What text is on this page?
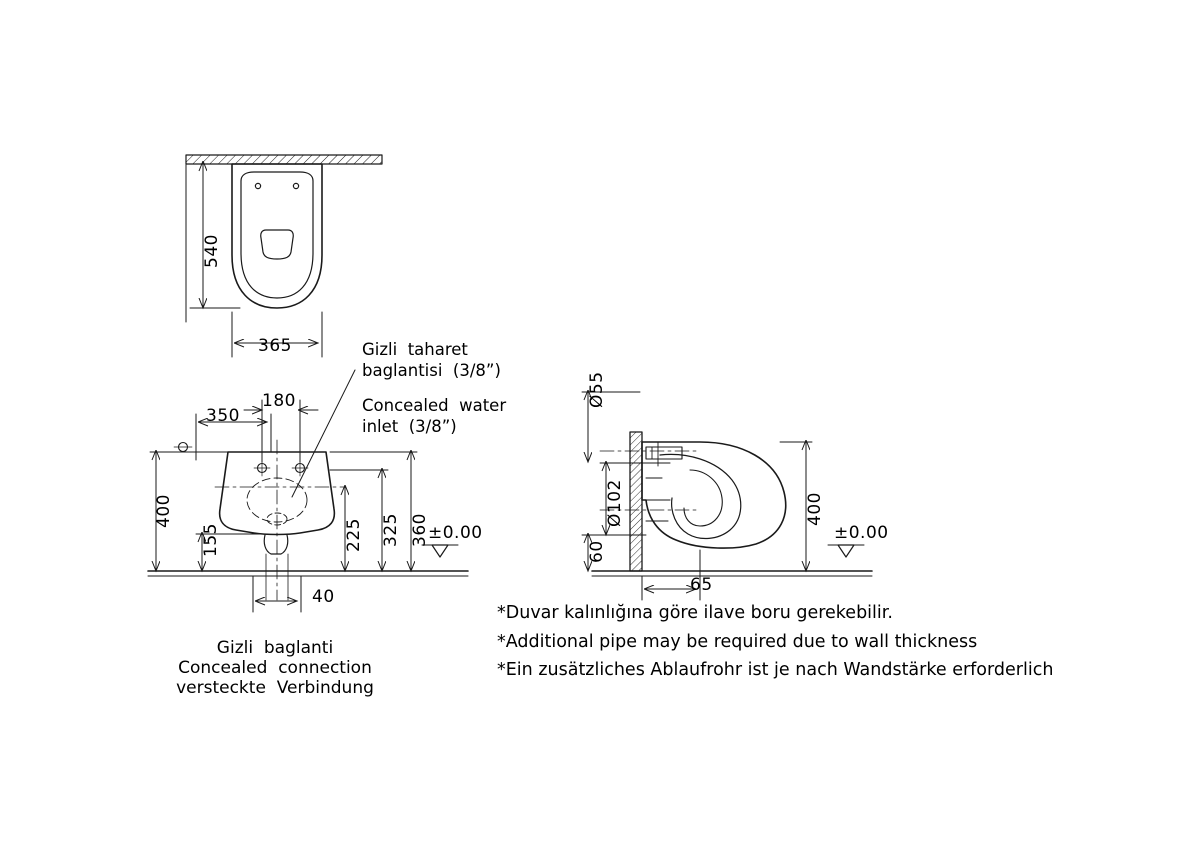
540
365
350
180
400
155	225 325 360
40
±0.00
Gizli  taharet
baglantisi  (3/8”)
Concealed  water
inlet  (3/8”)
Gizli  baglanti
Concealed  connection
versteckte  Verbindung
Ø55
Ø102
60
400
65
±0.00
*Duvar kalınlığına göre ilave boru gerekebilir.
*Additional pipe may be required due to wall thickness
*Ein zusätzliches Ablaufrohr ist je nach Wandstärke erforderlich
